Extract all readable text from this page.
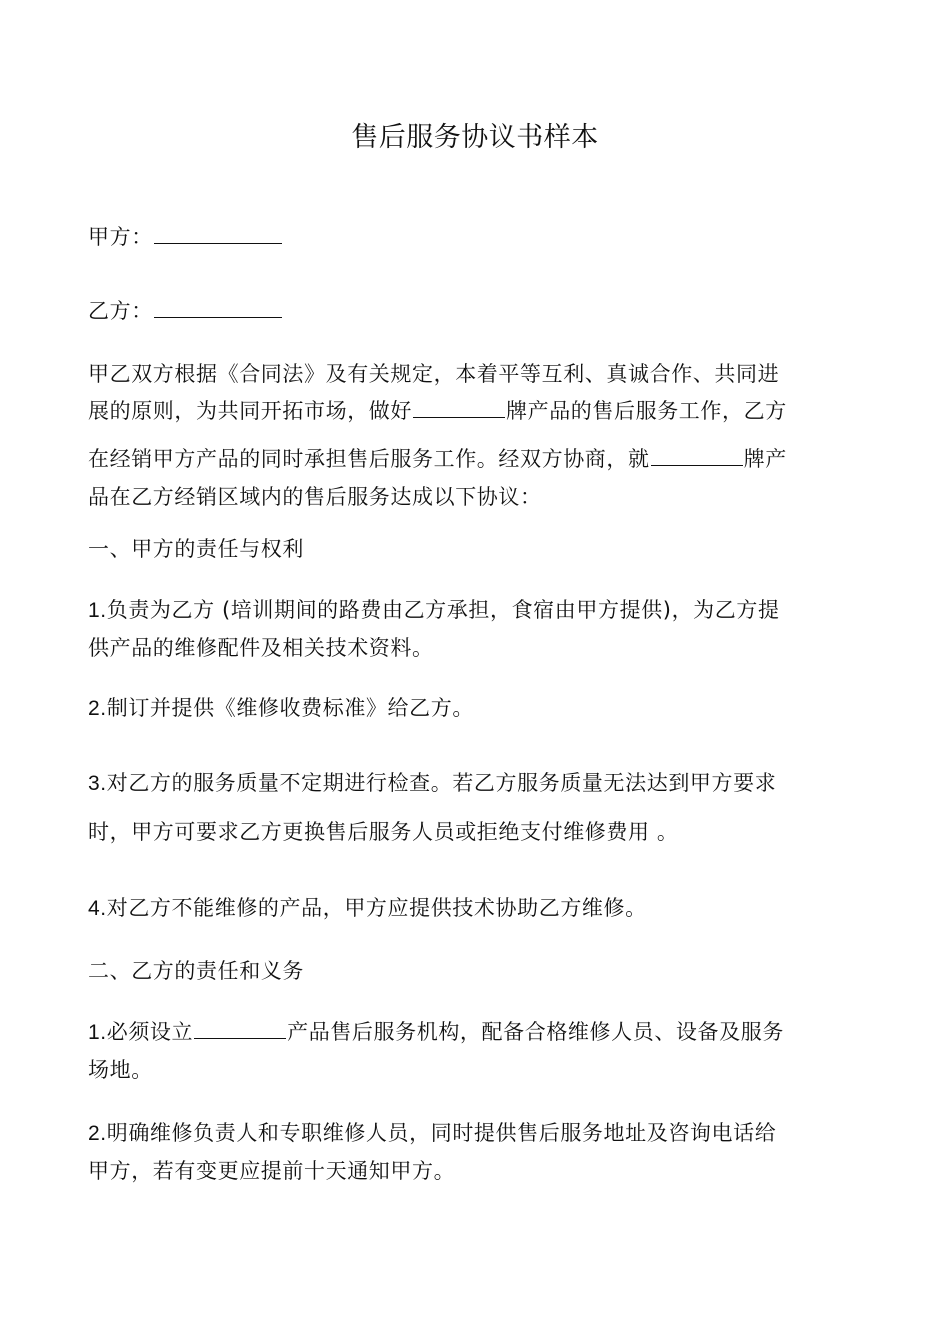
售后服务协议书样本
甲方：
乙方：
甲乙双方根据《合同法》及有关规定，本着平等互利、真诚合作、共同进
展的原则，为共同开拓市场，做好	牌产品的售后服务工作，乙方
在经销甲方产品的同时承担售后服务工作。经双方协商，就	牌产
品在乙方经销区域内的售后服务达成以下协议：
一、甲方的责任与权利
1.负责为乙方 (培训期间的路费由乙方承担，食宿由甲方提供)，为乙方提
供产品的维修配件及相关技术资料。
2.制订并提供《维修收费标准》给乙方。
3.对乙方的服务质量不定期进行检查。若乙方服务质量无法达到甲方要求
时，甲方可要求乙方更换售后服务人员或拒绝支付维修费用 。
4.对乙方不能维修的产品，甲方应提供技术协助乙方维修。
二、乙方的责任和义务
1.必须设立	产品售后服务机构，配备合格维修人员、设备及服务
场地。
2.明确维修负责人和专职维修人员，同时提供售后服务地址及咨询电话给
甲方，若有变更应提前十天通知甲方。
